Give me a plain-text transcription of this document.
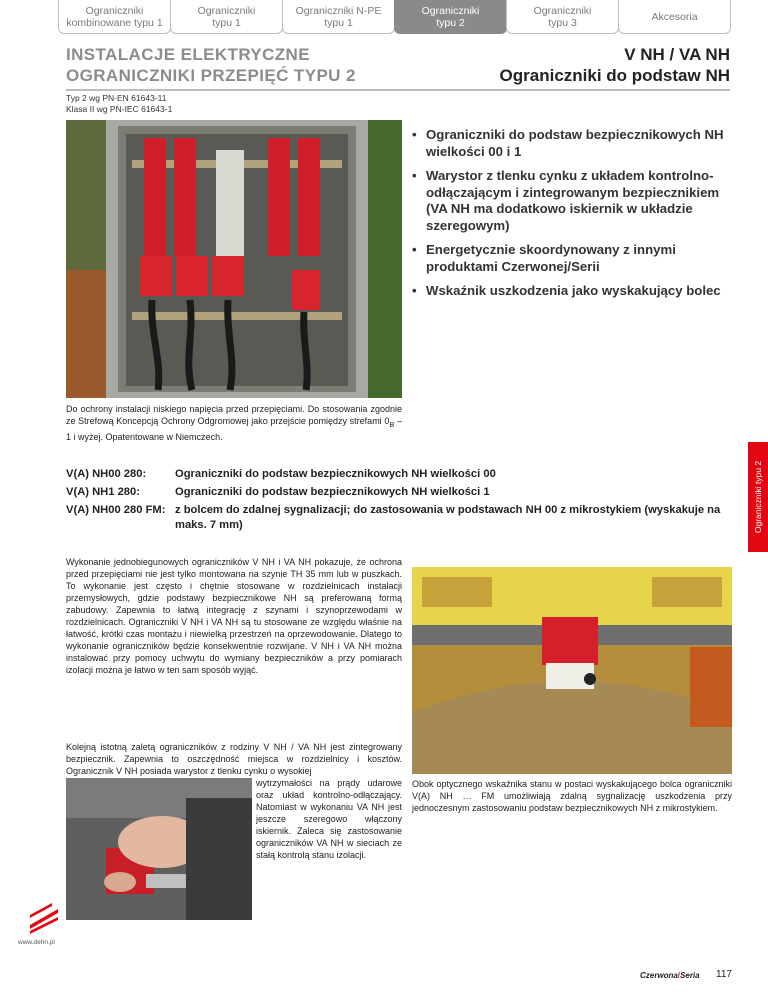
Ograniczniki
kombinowane typu 1
Ograniczniki
typu 1
Ograniczniki N-PE
typu 1
Ograniczniki
typu 2
Ograniczniki
typu 3	Akcesoria
INSTALACJE ELEKTRYCZNE
OGRANICZNIKI PRZEPIĘĆ TYPU 2
V NH / VA NH
Ograniczniki do podstaw NH
Typ 2 wg PN-EN 61643-11
Klasa II wg PN-IEC 61643-1
• Ograniczniki do podstaw bezpiecznikowych NH wielkości 00 i 1
• Warystor z tlenku cynku z układem kontrolno-odłączającym i zintegrowanym bezpiecznikiem (VA NH ma dodatkowo iskiernik w układzie szeregowym)
• Energetycznie skoordynowany z innymi produktami Czerwonej/Serii
• Wskaźnik uszkodzenia jako wyskakujący bolec
Do ochrony instalacji niskiego napięcia przed przepięciami. Do stosowania zgodnie ze Strefową Koncepcją Ochrony Odgromowej jako przejście pomiędzy strefami $0_B - 1$ i wyżej. Opatentowane w Niemczech.
Ograniczniki typu 2
V(A) NH00 280:	Ograniczniki do podstaw bezpiecznikowych NH wielkości 00
V(A) NH1 280:	Ograniczniki do podstaw bezpiecznikowych NH wielkości 1
V(A) NH00 280 FM: z bolcem do zdalnej sygnalizacji; do zastosowania w podstawach NH 00 z mikrostykiem (wyskakuje na maks. 7 mm)

Wykonanie jednobiegunowych ograniczników V NH i VA NH pokazuje, że ochrona przed przepięciami nie jest tylko montowana na szynie TH 35 mm lub w puszkach. To wykonanie jest często i chętnie stosowane w rozdzielnicach instalacji przemysłowych, gdzie podstawy bezpiecznikowe NH są preferowaną formą zabudowy. Zapewnia to łatwą integrację z szynami i szynoprzewodami w rozdzielnicach. Ograniczniki V NH i VA NH są tu stosowane ze względu właśnie na łatwość, krótki czas montażu i niewielką przestrzeń na oprzewodowanie. Dlatego to wykonanie ograniczników będzie konsekwentnie rozwijane. V NH i VA NH można instalować przy pomocy uchwytu do wymiany bezpieczników a przy pomiarach izolacji można je łatwo w ten sam sposób wyjąć.

Obok optycznego wskaźnika stanu w postaci wyskakującego bolca ograniczniki V(A) NH … FM umożliwiają zdalną sygnalizację uszkodzenia przy jednoczesnym zastosowaniu podstaw bezpiecznikowych NH z mikrostykiem.

Kolejną istotną zaletą ograniczników z rodziny V NH / VA NH jest zintegrowany bezpiecznik. Zapewnia to oszczędność miejsca w rozdzielnicy i kosztów. Ogranicznik V NH posiada warystor z tlenku cynku o wysokiej

wytrzymałości na prądy udarowe oraz układ kontrolno-odłączający. Natomiast w wykonaniu VA NH jest jeszcze szeregowo włączony iskiernik. Zaleca się zastosowanie ograniczników VA NH w sieciach ze stałą kontrolą stanu izolacji.

www.dehn.pl
Czerwona/Seria 117
